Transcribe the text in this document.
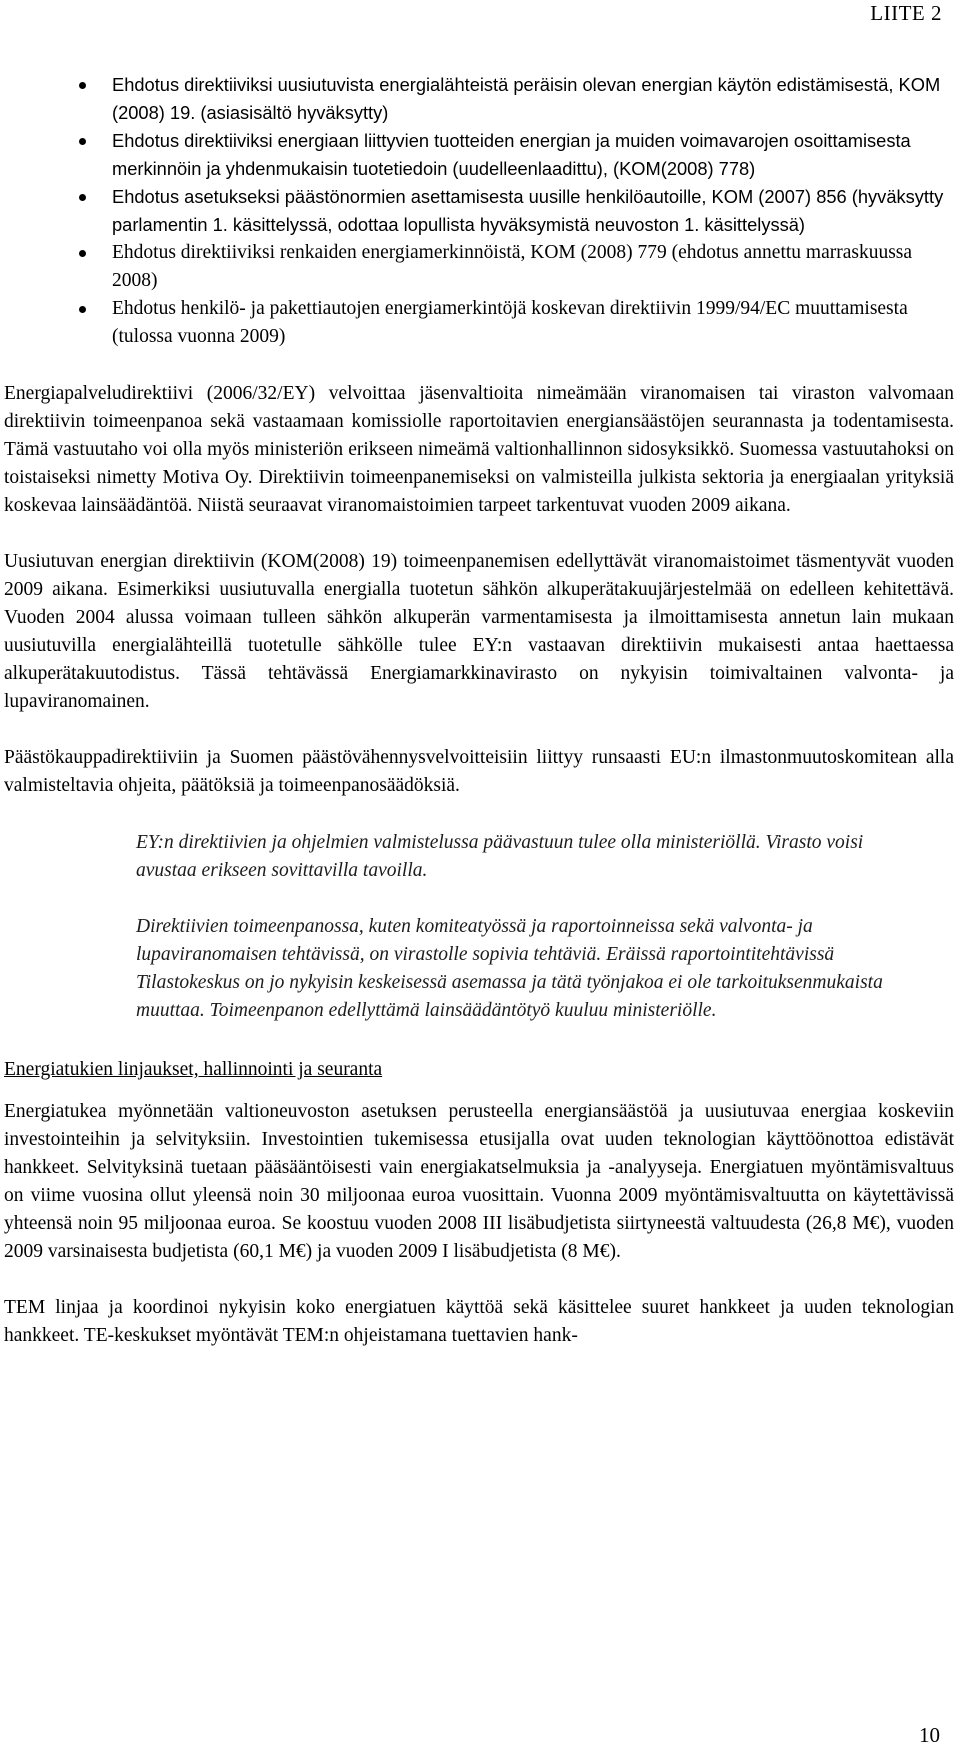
LIITE 2
Ehdotus direktiiviksi uusiutuvista energialähteistä peräisin olevan energian käytön edistämisestä, KOM (2008) 19. (asiasisältö hyväksytty)
Ehdotus direktiiviksi energiaan liittyvien tuotteiden energian ja muiden voimavarojen osoittamisesta merkinnöin ja yhdenmukaisin tuotetiedoin (uudelleenlaadittu), (KOM(2008) 778)
Ehdotus asetukseksi päästönormien asettamisesta uusille henkilöautoille, KOM (2007) 856 (hyväksytty parlamentin 1. käsittelyssä, odottaa lopullista hyväksymistä neuvoston 1. käsittelyssä)
Ehdotus direktiiviksi renkaiden energiamerkinnöistä, KOM (2008) 779 (ehdotus annettu marraskuussa 2008)
Ehdotus henkilö- ja pakettiautojen energiamerkintöjä koskevan direktiivin 1999/94/EC muuttamisesta (tulossa vuonna 2009)

Energiapalveludirektiivi (2006/32/EY) velvoittaa jäsenvaltioita nimeämään viranomaisen tai viraston valvomaan direktiivin toimeenpanoa sekä vastaamaan komissiolle raportoitavien energiansäästöjen seurannasta ja todentamisesta. Tämä vastuutaho voi olla myös ministeriön erikseen nimeämä valtionhallinnon sidosyksikkö. Suomessa vastuutahoksi on toistaiseksi nimetty Motiva Oy. Direktiivin toimeenpanemiseksi on valmisteilla julkista sektoria ja energiaalan yrityksiä koskevaa lainsäädäntöä. Niistä seuraavat viranomaistoimien tarpeet tarkentuvat vuoden 2009 aikana.

Uusiutuvan energian direktiivin (KOM(2008) 19) toimeenpanemisen edellyttävät viranomaistoimet täsmentyvät vuoden 2009 aikana. Esimerkiksi uusiutuvalla energialla tuotetun sähkön alkuperätakuujärjestelmää on edelleen kehitettävä. Vuoden 2004 alussa voimaan tulleen sähkön alkuperän varmentamisesta ja ilmoittamisesta annetun lain mukaan uusiutuvilla energialähteillä tuotetulle sähkölle tulee EY:n vastaavan direktiivin mukaisesti antaa haettaessa alkuperätakuutodistus. Tässä tehtävässä Energiamarkkinavirasto on nykyisin toimivaltainen valvonta- ja lupaviranomainen.

Päästökauppadirektiiviin ja Suomen päästövähennysvelvoitteisiin liittyy runsaasti EU:n ilmastonmuutoskomitean alla valmisteltavia ohjeita, päätöksiä ja toimeenpanosäädöksiä.

EY:n direktiivien ja ohjelmien valmistelussa päävastuun tulee olla ministeriöllä. Virasto voisi avustaa erikseen sovittavilla tavoilla.

Direktiivien toimeenpanossa, kuten komiteatyössä ja raportoinneissa sekä valvonta- ja lupaviranomaisen tehtävissä, on virastolle sopivia tehtäviä. Eräissä raportointitehtävissä Tilastokeskus on jo nykyisin keskeisessä asemassa ja tätä työnjakoa ei ole tarkoituksenmukaista muuttaa. Toimeenpanon edellyttämä lainsäädäntötyö kuuluu ministeriölle.

Energiatukien linjaukset, hallinnointi ja seuranta

Energiatukea myönnetään valtioneuvoston asetuksen perusteella energiansäästöä ja uusiutuvaa energiaa koskeviin investointeihin ja selvityksiin. Investointien tukemisessa etusijalla ovat uuden teknologian käyttöönottoa edistävät hankkeet. Selvityksinä tuetaan pääsääntöisesti vain energiakatselmuksia ja -analyyseja. Energiatuen myöntämisvaltuus on viime vuosina ollut yleensä noin 30 miljoonaa euroa vuosittain. Vuonna 2009 myöntämisvaltuutta on käytettävissä yhteensä noin 95 miljoonaa euroa. Se koostuu vuoden 2008 III lisäbudjetista siirtyneestä valtuudesta (26,8 M€), vuoden 2009 varsinaisesta budjetista (60,1 M€) ja vuoden 2009 I lisäbudjetista (8 M€).

TEM linjaa ja koordinoi nykyisin koko energiatuen käyttöä sekä käsittelee suuret hankkeet ja uuden teknologian hankkeet. TE-keskukset myöntävät TEM:n ohjeistamana tuettavien hank-

10
